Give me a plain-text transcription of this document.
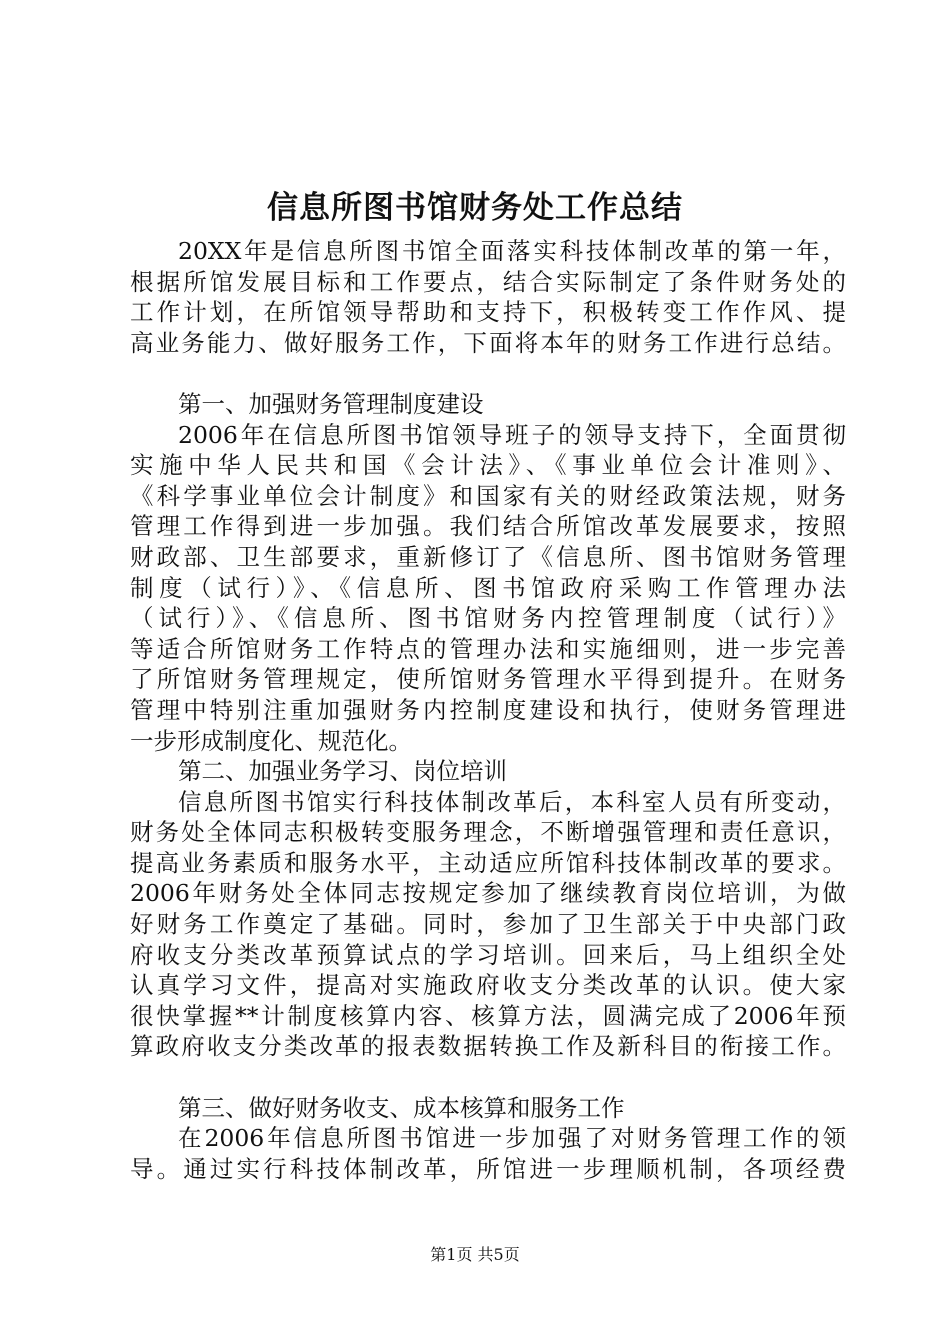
信息所图书馆财务处工作总结
20XX年是信息所图书馆全面落实科技体制改革的第一年，
根据所馆发展目标和工作要点，结合实际制定了条件财务处的
工作计划，在所馆领导帮助和支持下，积极转变工作作风、提
高业务能力、做好服务工作，下面将本年的财务工作进行总结。
第一、加强财务管理制度建设
2006年在信息所图书馆领导班子的领导支持下，全面贯彻
实施中华人民共和国《会计法》、《事业单位会计准则》、
《科学事业单位会计制度》和国家有关的财经政策法规，财务
管理工作得到进一步加强。我们结合所馆改革发展要求，按照
财政部、卫生部要求，重新修订了《信息所、图书馆财务管理
制度（试行）》、《信息所、图书馆政府采购工作管理办法
（试行）》、《信息所、图书馆财务内控管理制度（试行）》
等适合所馆财务工作特点的管理办法和实施细则，进一步完善
了所馆财务管理规定，使所馆财务管理水平得到提升。在财务
管理中特别注重加强财务内控制度建设和执行，使财务管理进
一步形成制度化、规范化。
第二、加强业务学习、岗位培训
信息所图书馆实行科技体制改革后，本科室人员有所变动，
财务处全体同志积极转变服务理念，不断增强管理和责任意识，
提高业务素质和服务水平，主动适应所馆科技体制改革的要求。
2006年财务处全体同志按规定参加了继续教育岗位培训，为做
好财务工作奠定了基础。同时，参加了卫生部关于中央部门政
府收支分类改革预算试点的学习培训。回来后，马上组织全处
认真学习文件，提高对实施政府收支分类改革的认识。使大家
很快掌握**计制度核算内容、核算方法，圆满完成了2006年预
算政府收支分类改革的报表数据转换工作及新科目的衔接工作。
第三、做好财务收支、成本核算和服务工作
在2006年信息所图书馆进一步加强了对财务管理工作的领
导。通过实行科技体制改革，所馆进一步理顺机制，各项经费
第1页 共5页
